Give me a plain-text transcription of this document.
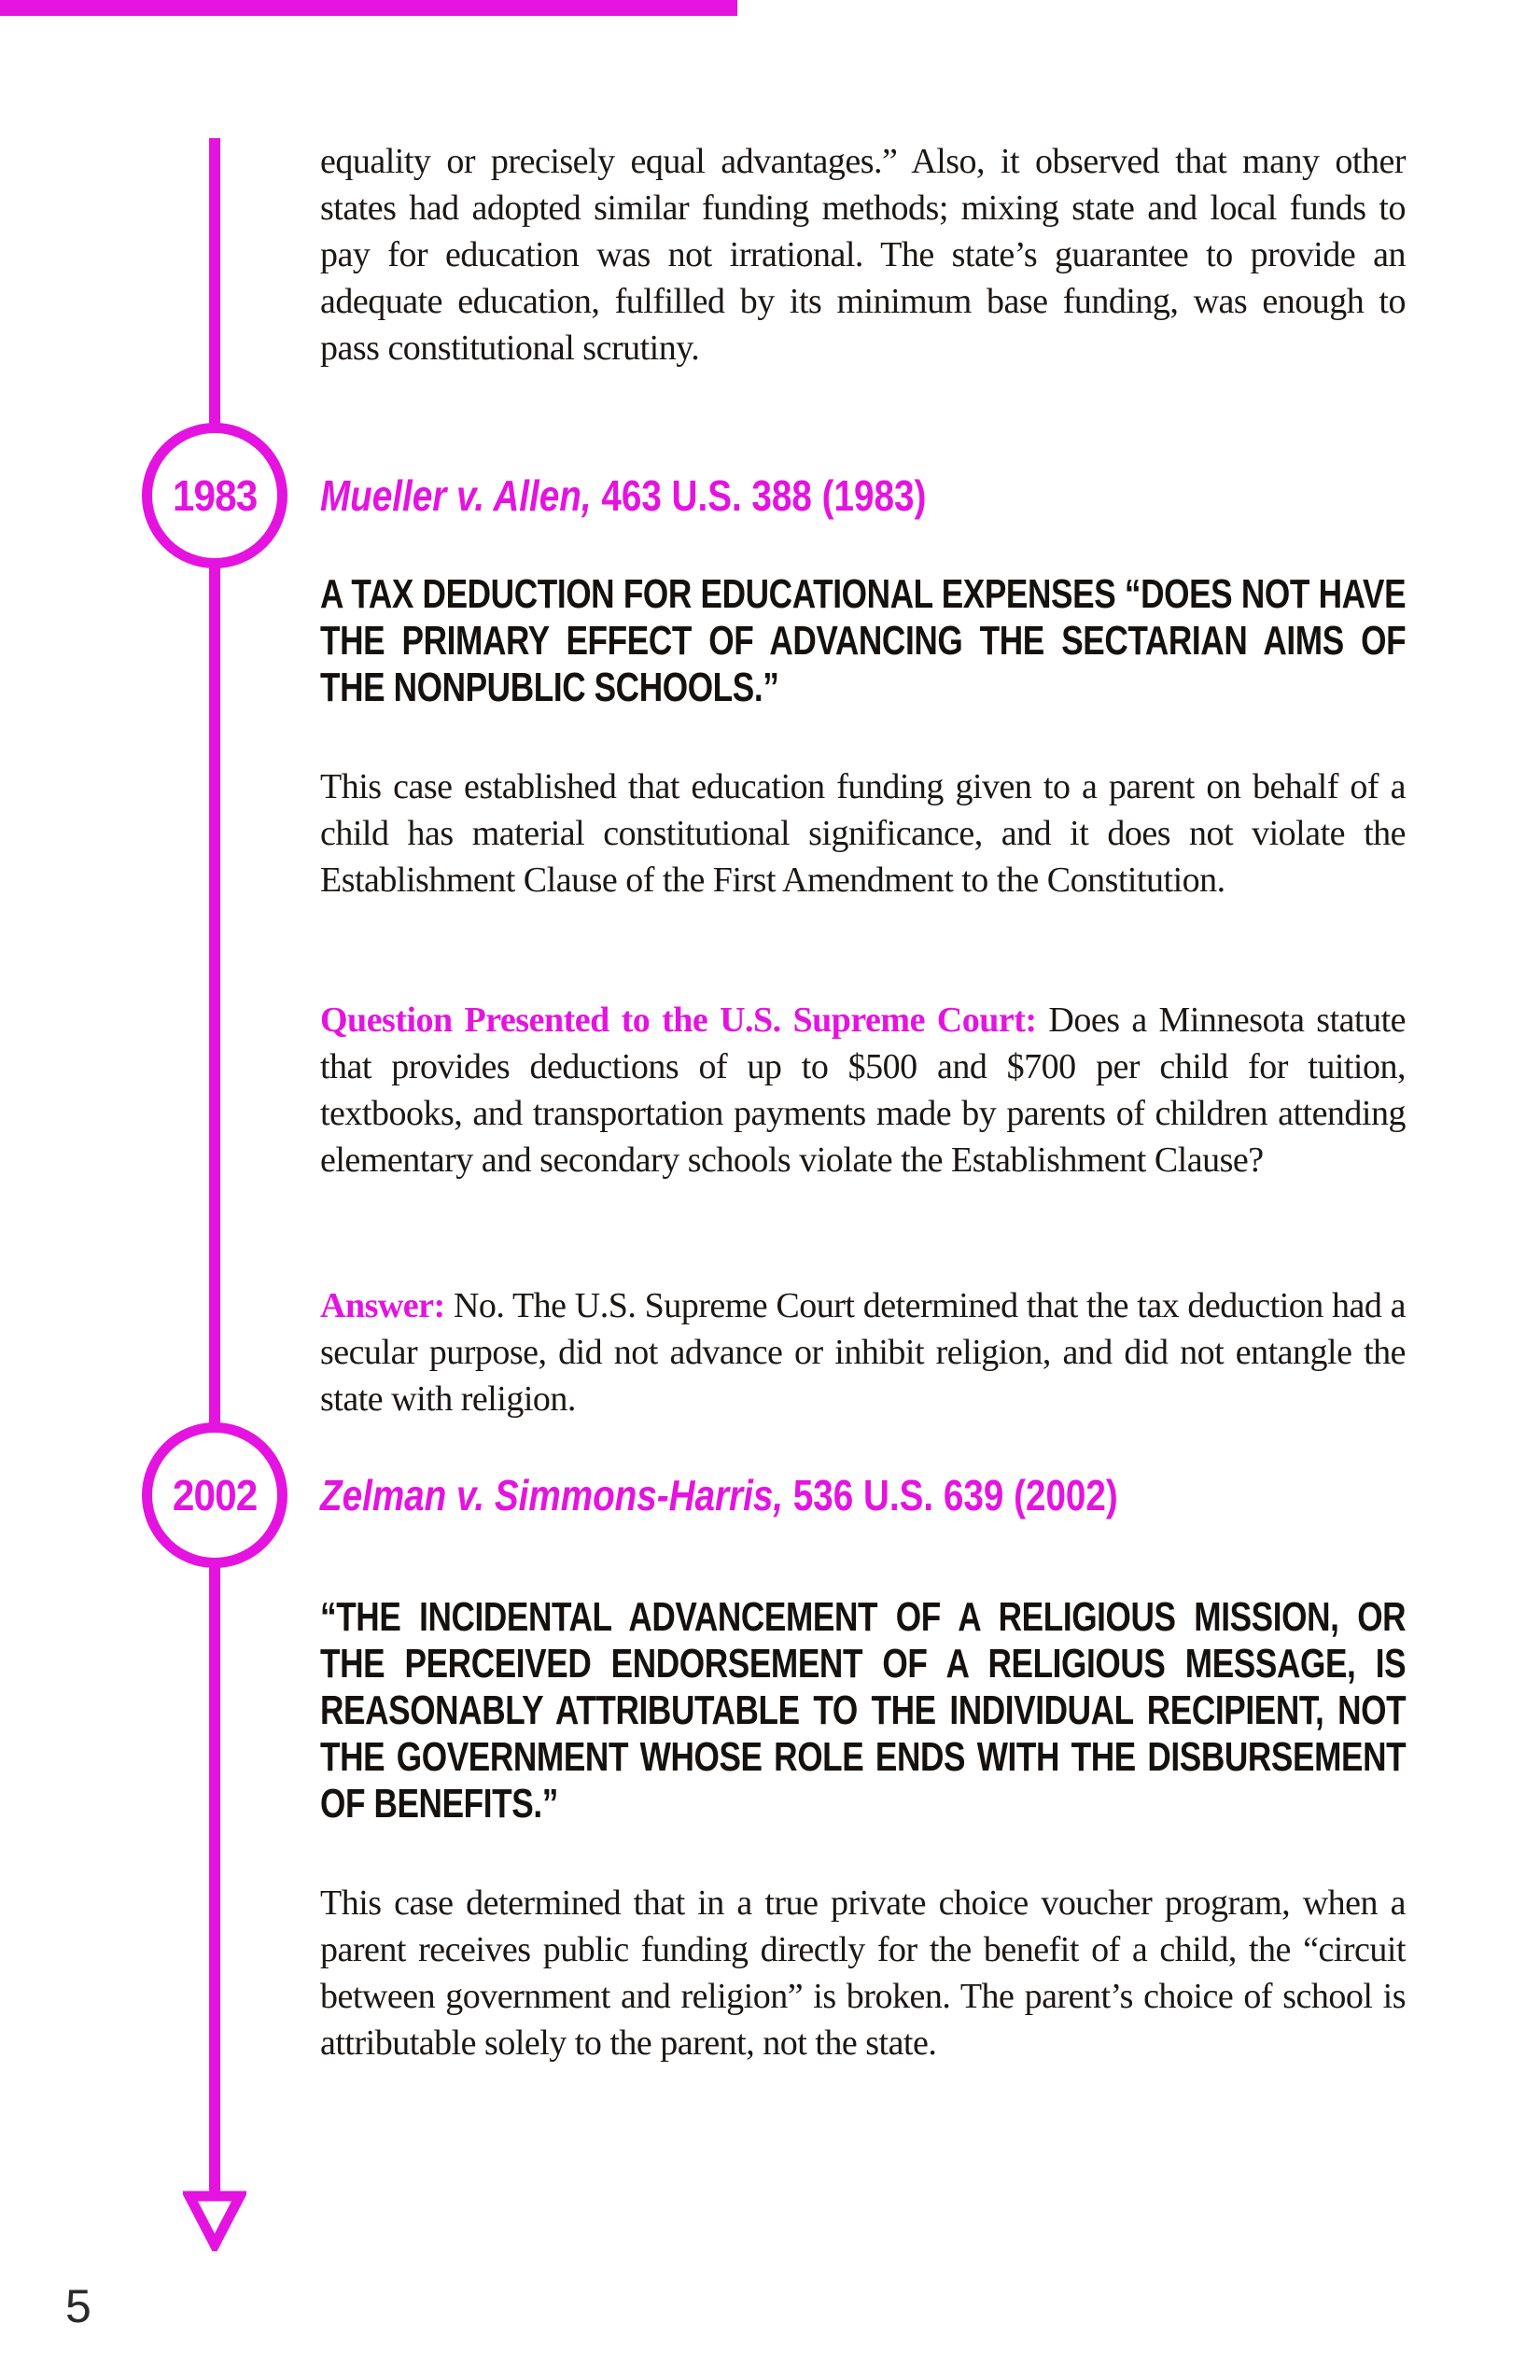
1983
2002

equality or precisely equal advantages.” Also, it observed that many other states had adopted similar funding methods; mixing state and local funds to pay for education was not irrational. The state’s guarantee to provide an adequate education, fulfilled by its minimum base funding, was enough to pass constitutional scrutiny.

Mueller v. Allen, 463 U.S. 388 (1983)
A TAX DEDUCTION FOR EDUCATIONAL EXPENSES “DOES NOT HAVE THE PRIMARY EFFECT OF ADVANCING THE SECTARIAN AIMS OF THE NONPUBLIC SCHOOLS.”

This case established that education funding given to a parent on behalf of a child has material constitutional significance, and it does not violate the Establishment Clause of the First Amendment to the Constitution.

Question Presented to the U.S. Supreme Court: Does a Minnesota statute that provides deductions of up to $500 and $700 per child for tuition, textbooks, and transportation payments made by parents of children attending elementary and secondary schools violate the Establishment Clause?

Answer: No. The U.S. Supreme Court determined that the tax deduction had a secular purpose, did not advance or inhibit religion, and did not entangle the state with religion.

Zelman v. Simmons-Harris, 536 U.S. 639 (2002)
“THE INCIDENTAL ADVANCEMENT OF A RELIGIOUS MISSION, OR THE PERCEIVED ENDORSEMENT OF A RELIGIOUS MESSAGE, IS REASONABLY ATTRIBUTABLE TO THE INDIVIDUAL RECIPIENT, NOT THE GOVERNMENT WHOSE ROLE ENDS WITH THE DISBURSEMENT OF BENEFITS.”

This case determined that in a true private choice voucher program, when a parent receives public funding directly for the benefit of a child, the “circuit between government and religion” is broken. The parent’s choice of school is attributable solely to the parent, not the state.

5
